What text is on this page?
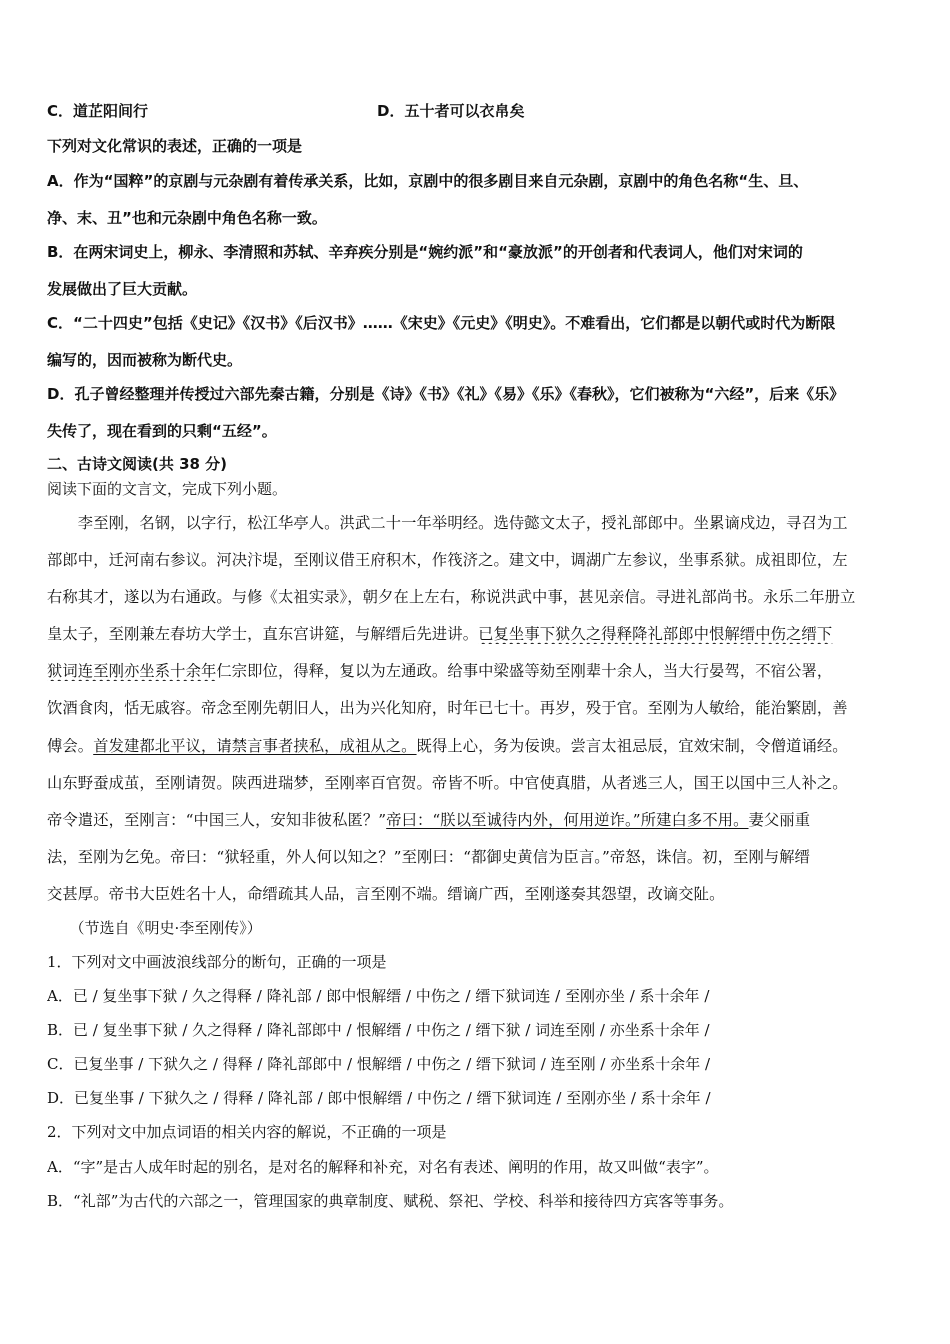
C．道芷阳间行	D．五十者可以衣帛矣
下列对文化常识的表述，正确的一项是
A．作为“国粹”的京剧与元杂剧有着传承关系，比如，京剧中的很多剧目来自元杂剧，京剧中的角色名称“生、旦、
净、末、丑”也和元杂剧中角色名称一致。
B．在两宋词史上，柳永、李清照和苏轼、辛弃疾分别是“婉约派”和“豪放派”的开创者和代表词人，他们对宋词的
发展做出了巨大贡献。
C．“二十四史”包括《史记》《汉书》《后汉书》……《宋史》《元史》《明史》。不难看出，它们都是以朝代或时代为断限
编写的，因而被称为断代史。
D．孔子曾经整理并传授过六部先秦古籍，分别是《诗》《书》《礼》《易》《乐》《春秋》，它们被称为“六经”，后来《乐》
失传了，现在看到的只剩“五经”。
二、古诗文阅读(共 38 分)
阅读下面的文言文，完成下列小题。
　　李至刚，名钢，以字行，松江华亭人。洪武二十一年举明经。选侍懿文太子，授礼部郎中。坐累谪戍边，寻召为工
部郎中，迁河南右参议。河决汴堤，至刚议借王府积木，作筏济之。建文中，调湖广左参议，坐事系狱。成祖即位，左
右称其才，遂以为右通政。与修《太祖实录》，朝夕在上左右，称说洪武中事，甚见亲信。寻进礼部尚书。永乐二年册立
皇太子，至刚兼左春坊大学士，直东宫讲筵，与解缙后先进讲。已复坐事下狱久之得释降礼部郎中恨解缙中伤之缙下
狱词连至刚亦坐系十余年仁宗即位，得释，复以为左通政。给事中梁盛等劾至刚辈十余人，当大行晏驾，不宿公署，
饮酒食肉，恬无戚容。帝念至刚先朝旧人，出为兴化知府，时年已七十。再岁，殁于官。至刚为人敏给，能治繁剧，善
傅会。首发建都北平议，请禁言事者挟私，成祖从之。既得上心，务为佞谀。尝言太祖忌辰，宜效宋制，令僧道诵经。
山东野蚕成茧，至刚请贺。陕西进瑞梦，至刚率百官贺。帝皆不听。中官使真腊，从者逃三人，国王以国中三人补之。
帝令遣还，至刚言：“中国三人，安知非彼私匿？”帝曰：“朕以至诚待内外，何用逆诈。”所建白多不用。妻父丽重
法，至刚为乞免。帝曰：“狱轻重，外人何以知之？”至刚曰：“都御史黄信为臣言。”帝怒，诛信。初，至刚与解缙
交甚厚。帝书大臣姓名十人，命缙疏其人品，言至刚不端。缙谪广西，至刚遂奏其怨望，改谪交阯。
　　（节选自《明史·李至刚传》）
1．下列对文中画波浪线部分的断句，正确的一项是
A．已 / 复坐事下狱 / 久之得释 / 降礼部 / 郎中恨解缙 / 中伤之 / 缙下狱词连 / 至刚亦坐 / 系十余年 /
B．已 / 复坐事下狱 / 久之得释 / 降礼部郎中 / 恨解缙 / 中伤之 / 缙下狱 / 词连至刚 / 亦坐系十余年 /
C．已复坐事 / 下狱久之 / 得释 / 降礼部郎中 / 恨解缙 / 中伤之 / 缙下狱词 / 连至刚 / 亦坐系十余年 /
D．已复坐事 / 下狱久之 / 得释 / 降礼部 / 郎中恨解缙 / 中伤之 / 缙下狱词连 / 至刚亦坐 / 系十余年 /
2．下列对文中加点词语的相关内容的解说，不正确的一项是
A．“字”是古人成年时起的别名，是对名的解释和补充，对名有表述、阐明的作用，故又叫做“表字”。
B．“礼部”为古代的六部之一，管理国家的典章制度、赋税、祭祀、学校、科举和接待四方宾客等事务。
